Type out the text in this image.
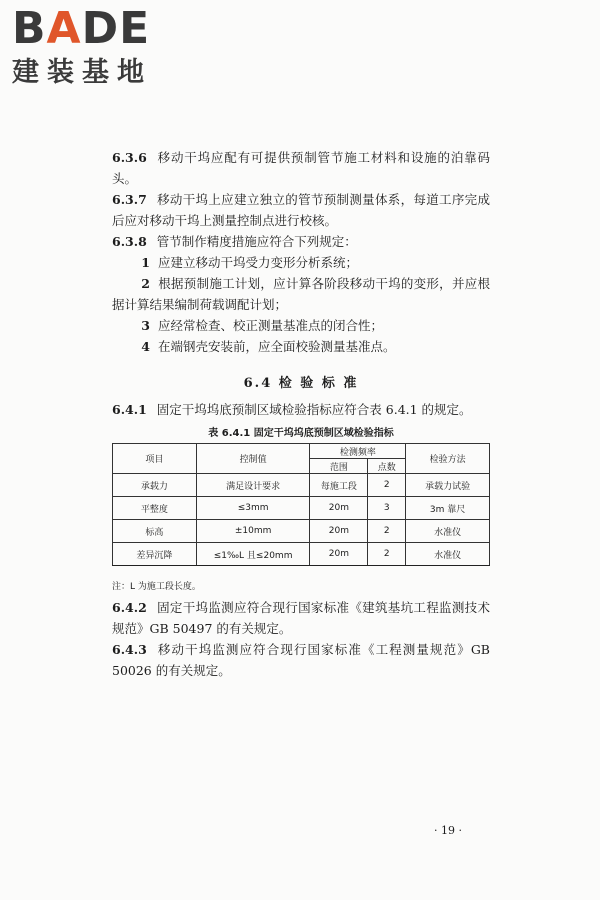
BADE
建装基地
6.3.6 移动干坞应配有可提供预制管节施工材料和设施的泊靠码头。
6.3.7 移动干坞上应建立独立的管节预制测量体系，每道工序完成后应对移动干坞上测量控制点进行校核。
6.3.8 管节制作精度措施应符合下列规定：
1 应建立移动干坞受力变形分析系统；
2 根据预制施工计划，应计算各阶段移动干坞的变形，并应根据计算结果编制荷载调配计划；
3 应经常检查、校正测量基准点的闭合性；
4 在端钢壳安装前，应全面校验测量基准点。
6.4 检 验 标 准
6.4.1 固定干坞坞底预制区域检验指标应符合表 6.4.1 的规定。
表 6.4.1 固定干坞坞底预制区域检验指标
项目	控制值	检测频率		检验方法
		范围	点数	
承载力	满足设计要求	每施工段	2	承载力试验
平整度	≤3mm	20m	3	3m 靠尺
标高	±10mm	20m	2	水准仪
差异沉降	≤1‰L 且≤20mm	20m	2	水准仪
注：L 为施工段长度。
6.4.2 固定干坞监测应符合现行国家标准《建筑基坑工程监测技术规范》GB 50497 的有关规定。
6.4.3 移动干坞监测应符合现行国家标准《工程测量规范》GB 50026 的有关规定。
· 19 ·
